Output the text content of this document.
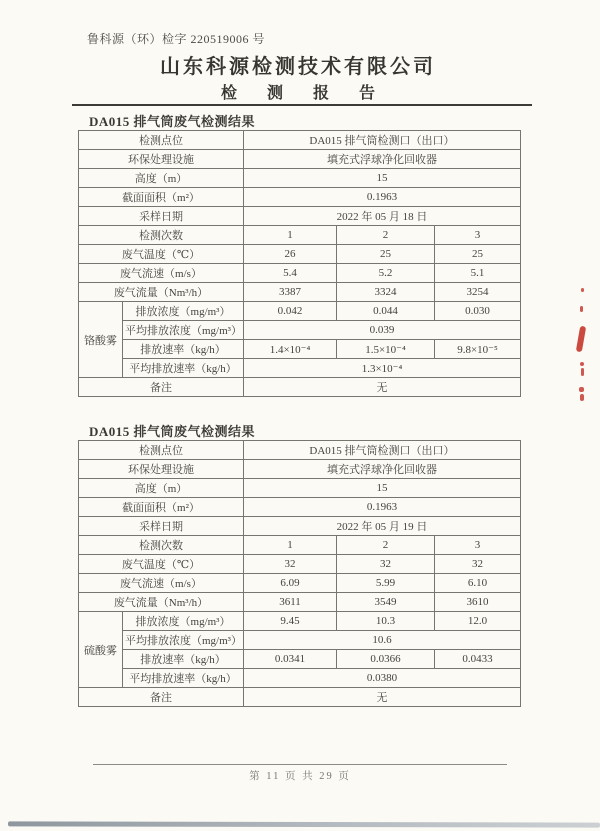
鲁科源（环）检字 220519006 号
山东科源检测技术有限公司
检 测 报 告
DA015 排气筒废气检测结果
检测点位		DA015 排气筒检测口（出口）		
环保处理设施		填充式浮球净化回收器		
高度（m）		15		
截面面积（m²）		0.1963		
采样日期		2022 年 05 月 18 日		
检测次数		1	2	3
废气温度（℃）		26	25	25
废气流速（m/s）		5.4	5.2	5.1
废气流量（Nm³/h）		3387	3324	3254
铬酸雾	排放浓度（mg/m³）	0.042	0.044	0.030
	平均排放浓度（mg/m³）	0.039		
	排放速率（kg/h）	1.4×10⁻⁴	1.5×10⁻⁴	9.8×10⁻⁵
	平均排放速率（kg/h）	1.3×10⁻⁴		
备注		无		
DA015 排气筒废气检测结果
检测点位		DA015 排气筒检测口（出口）		
环保处理设施		填充式浮球净化回收器		
高度（m）		15		
截面面积（m²）		0.1963		
采样日期		2022 年 05 月 19 日		
检测次数		1	2	3
废气温度（℃）		32	32	32
废气流速（m/s）		6.09	5.99	6.10
废气流量（Nm³/h）		3611	3549	3610
硫酸雾	排放浓度（mg/m³）	9.45	10.3	12.0
	平均排放浓度（mg/m³）	10.6		
	排放速率（kg/h）	0.0341	0.0366	0.0433
	平均排放速率（kg/h）	0.0380		
备注		无		
第 11 页 共 29 页
